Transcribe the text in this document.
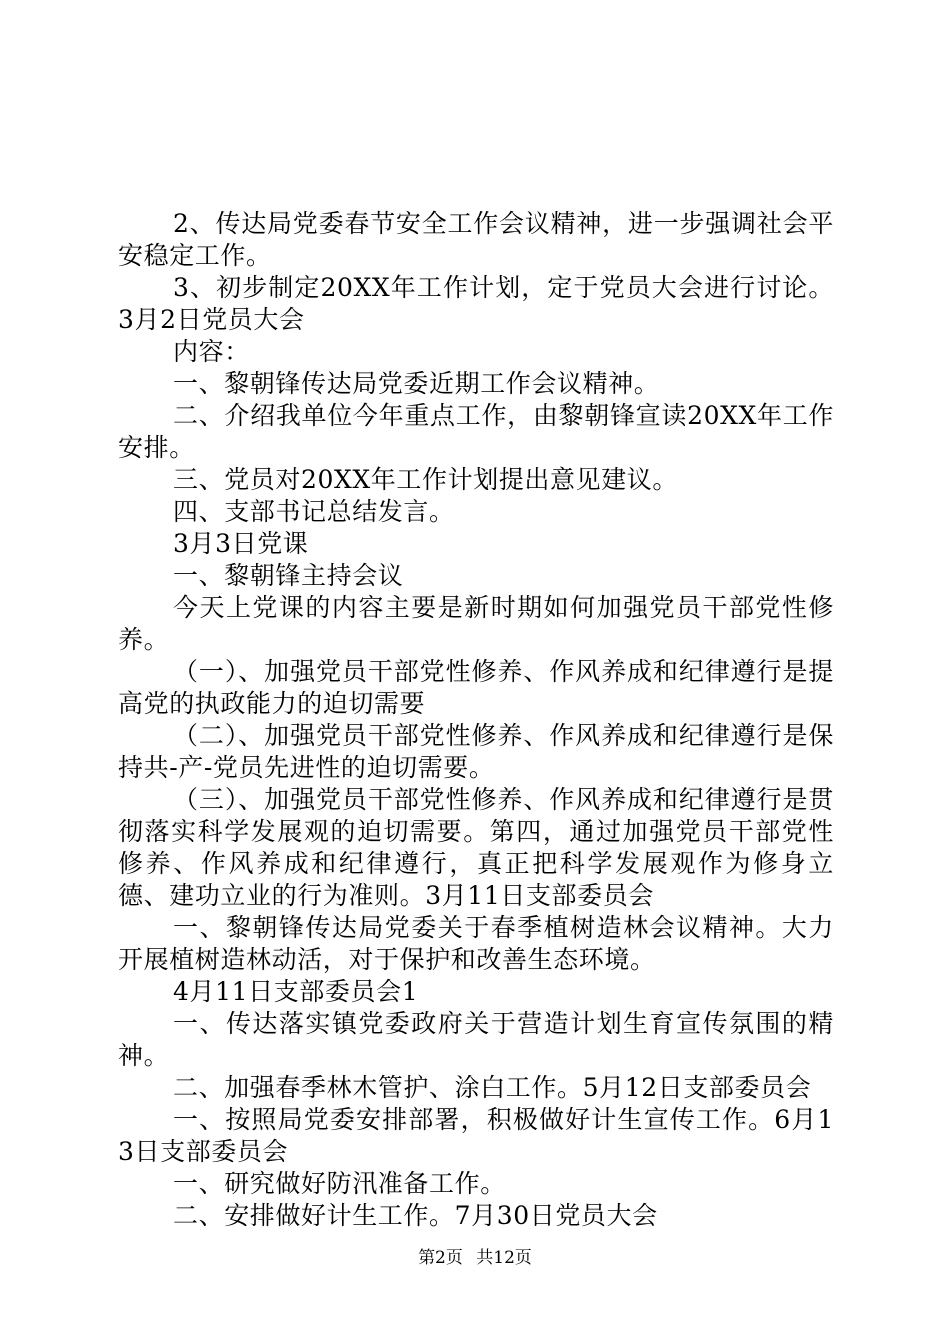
2、传达局党委春节安全工作会议精神，进一步强调社会平安稳定工作。

3、初步制定20XX年工作计划，定于党员大会进行讨论。3月2日党员大会

内容：

一、黎朝锋传达局党委近期工作会议精神。

二、介绍我单位今年重点工作，由黎朝锋宣读20XX年工作安排。

三、党员对20XX年工作计划提出意见建议。

四、支部书记总结发言。

3月3日党课

一、黎朝锋主持会议

今天上党课的内容主要是新时期如何加强党员干部党性修养。

（一）、加强党员干部党性修养、作风养成和纪律遵行是提高党的执政能力的迫切需要

（二）、加强党员干部党性修养、作风养成和纪律遵行是保持共-产-党员先进性的迫切需要。

（三）、加强党员干部党性修养、作风养成和纪律遵行是贯彻落实科学发展观的迫切需要。第四，通过加强党员干部党性修养、作风养成和纪律遵行，真正把科学发展观作为修身立德、建功立业的行为准则。3月11日支部委员会

一、黎朝锋传达局党委关于春季植树造林会议精神。大力开展植树造林动活，对于保护和改善生态环境。

4月11日支部委员会1

一、传达落实镇党委政府关于营造计划生育宣传氛围的精神。

二、加强春季林木管护、涂白工作。5月12日支部委员会

一、按照局党委安排部署，积极做好计生宣传工作。6月13日支部委员会

一、研究做好防汛准备工作。

二、安排做好计生工作。7月30日党员大会

第2页 共12页
